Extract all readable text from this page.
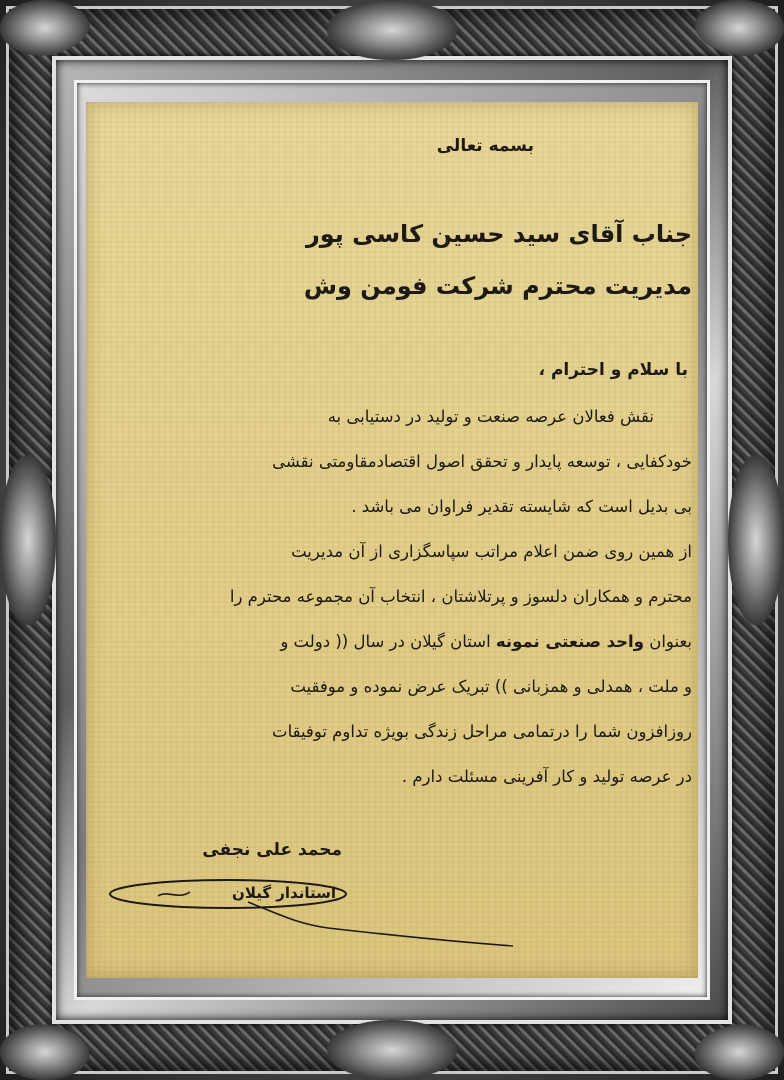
بسمه تعالی
جناب آقای سید حسین کاسی پور
مدیریت محترم شرکت فومن وش
با سلام و احترام ،
نقش فعالان عرصه صنعت و تولید در دستیابی به
خودکفایی ، توسعه پایدار و تحقق اصول اقتصادمقاومتی نقشی
بی بدیل است که شایسته تقدیر فراوان می باشد .
از همین روی ضمن اعلام مراتب سپاسگزاری از آن مدیریت
محترم و همکاران دلسوز و پرتلاشتان ، انتخاب آن مجموعه محترم را
بعنوان واحد صنعتی نمونه استان گیلان در سال (( دولت و
و ملت ، همدلی و همزبانی )) تبریک عرض نموده و موفقیت
روزافزون شما را درتمامی مراحل زندگی بویژه تداوم توفیقات
در عرصه تولید و کار آفرینی مسئلت دارم .
محمد علی نجفی
استاندار گیلان
